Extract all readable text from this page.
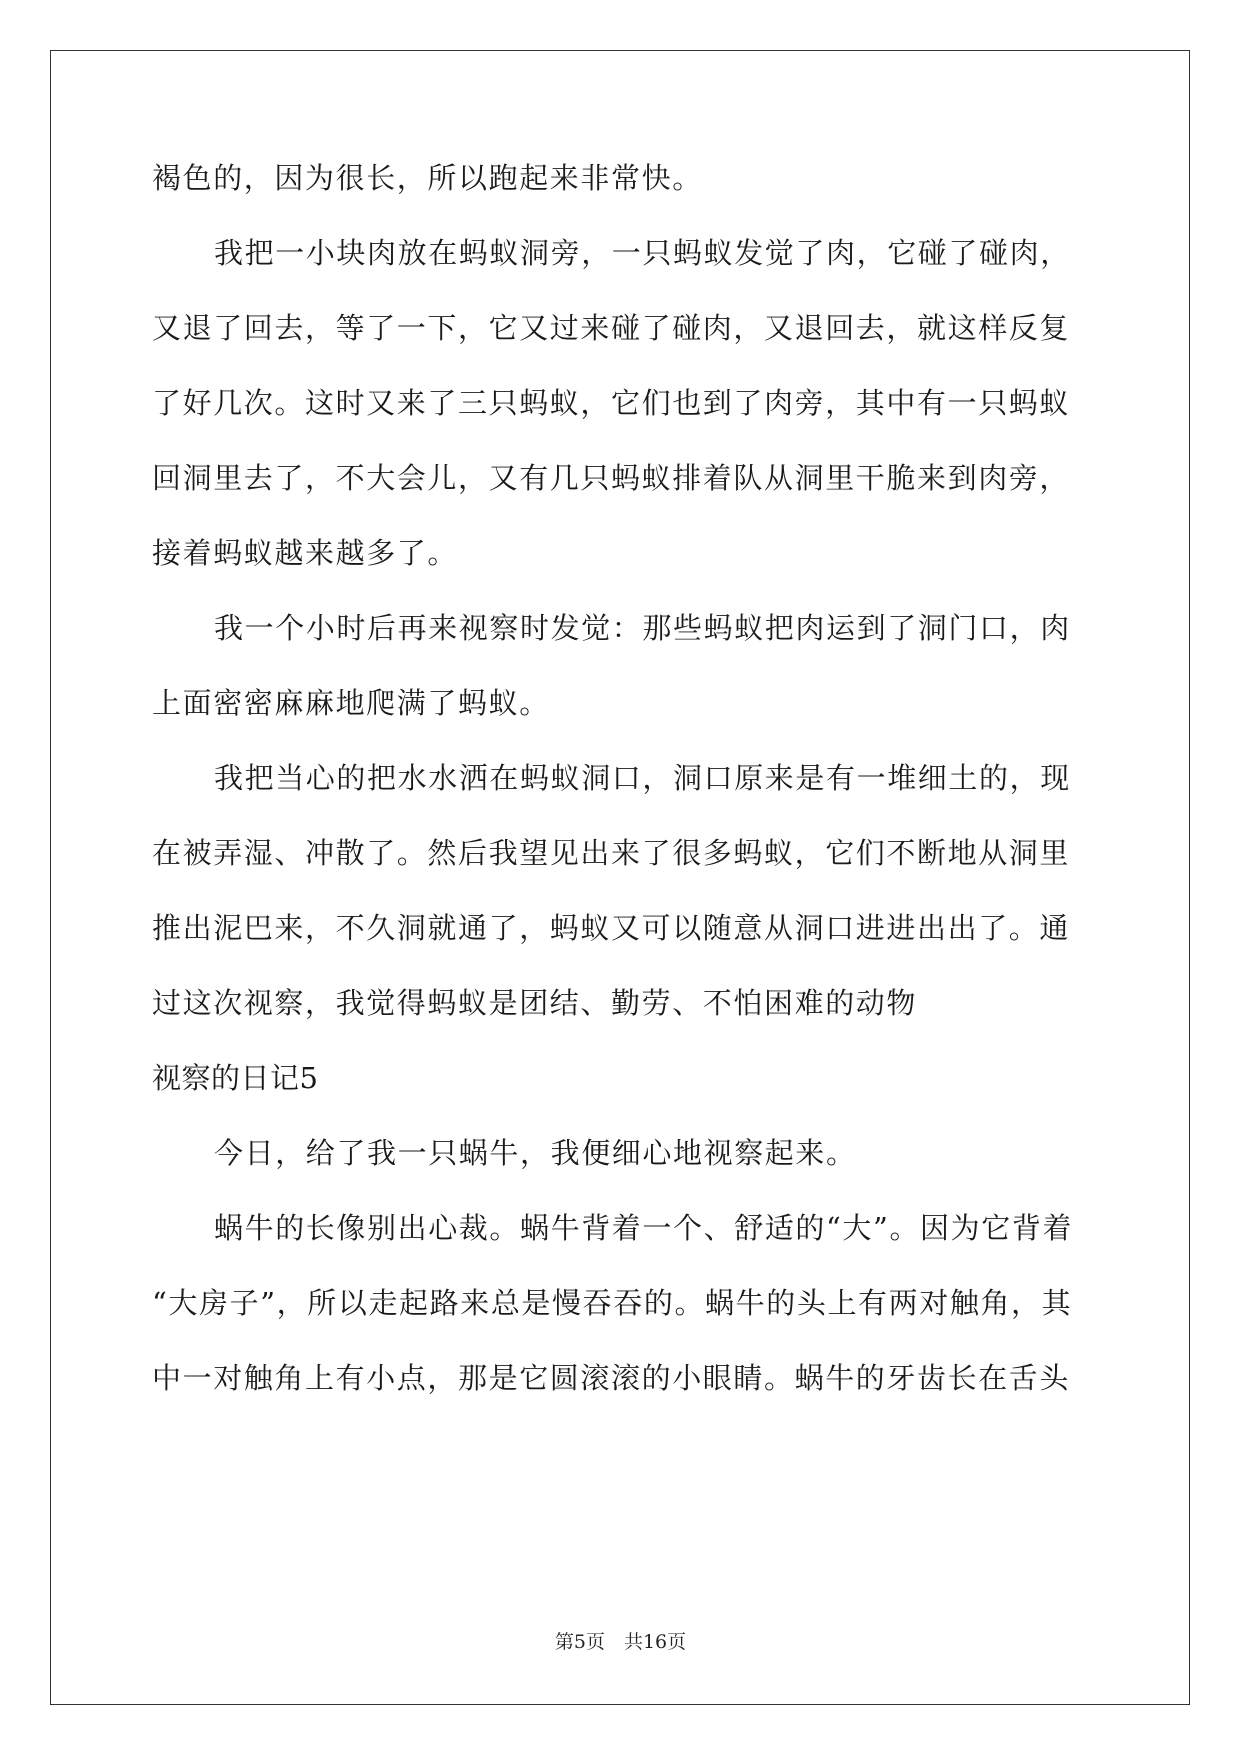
褐色的，因为很长，所以跑起来非常快。
我把一小块肉放在蚂蚁洞旁，一只蚂蚁发觉了肉，它碰了碰肉，
又退了回去，等了一下，它又过来碰了碰肉，又退回去，就这样反复
了好几次。这时又来了三只蚂蚁，它们也到了肉旁，其中有一只蚂蚁
回洞里去了，不大会儿，又有几只蚂蚁排着队从洞里干脆来到肉旁，
接着蚂蚁越来越多了。
我一个小时后再来视察时发觉：那些蚂蚁把肉运到了洞门口，肉
上面密密麻麻地爬满了蚂蚁。
我把当心的把水水洒在蚂蚁洞口，洞口原来是有一堆细土的，现
在被弄湿、冲散了。然后我望见出来了很多蚂蚁，它们不断地从洞里
推出泥巴来，不久洞就通了，蚂蚁又可以随意从洞口进进出出了。通
过这次视察，我觉得蚂蚁是团结、勤劳、不怕困难的动物
视察的日记5
今日，给了我一只蜗牛，我便细心地视察起来。
蜗牛的长像别出心裁。蜗牛背着一个、舒适的“大”。因为它背着
“大房子”，所以走起路来总是慢吞吞的。蜗牛的头上有两对触角，其
中一对触角上有小点，那是它圆滚滚的小眼睛。蜗牛的牙齿长在舌头
第5页　共16页
